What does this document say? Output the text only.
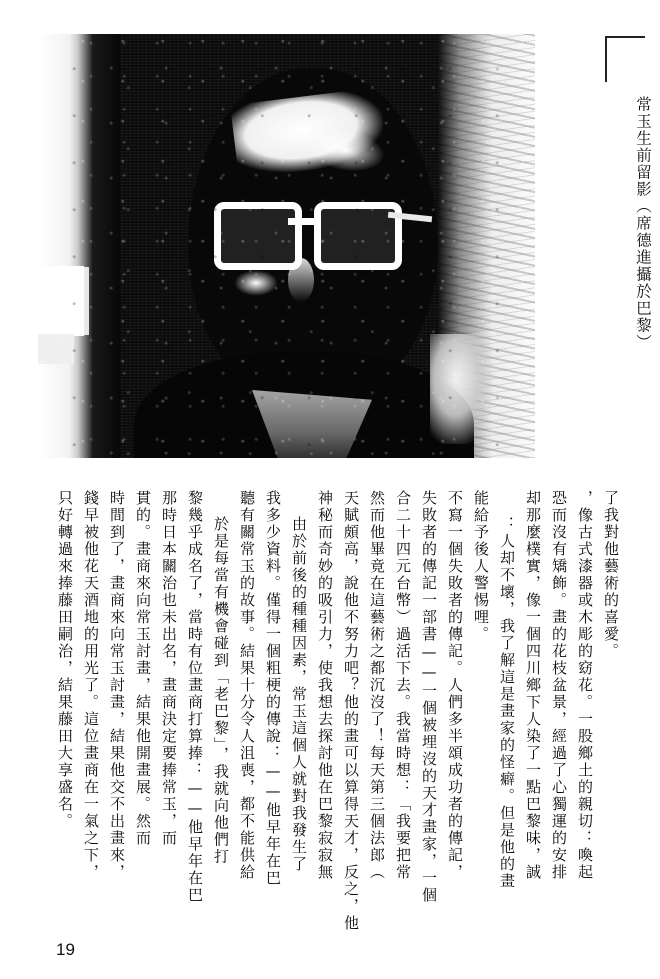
常玉生前留影（席德進攝於巴黎）
了我對他藝術的喜愛。
，像古式漆器或木彫的窈花。一股鄉土的親切：喚起
恐而沒有矯飾。畫的花枝盆景，經過了心獨運的安排
却那麼樸實，像一個四川鄉下人染了一點巴黎味，誠
：人却不壞，我了解這是畫家的怪癖。但是他的畫
能給予後人警惕哩。
不寫一個失敗者的傳記。人們多半頌成功者的傳記，
失敗者的傳記一部書——一個被埋沒的天才畫家，一個
合二十四元台幣）過活下去。我當時想：「我要把常
然而他畢竟在這藝術之都沉沒了！每天第三個法郎（
天賦頗高，說他不努力吧？他的畫可以算得天才，反之，他
神秘而奇妙的吸引力，使我想去探討他在巴黎寂寂無
由於前後的種種因素，常玉這個人就對我發生了
我多少資料。僅得一個粗梗的傳說：——他早年在巴
聽有關常玉的故事。結果十分令人沮喪，都不能供給
於是每當有機會碰到「老巴黎」，我就向他們打
黎幾乎成名了，當時有位畫商打算捧：——他早年在巴
那時日本關治也未出名，畫商決定要捧常玉，而
貫的。畫商來向常玉討畫，結果他開畫展。然而
時間到了，畫商來向常玉討畫，結果他交不出畫來，
錢早被他花天酒地的用光了。這位畫商在一氣之下，
只好轉過來捧藤田嗣治，結果藤田大享盛名。
19
